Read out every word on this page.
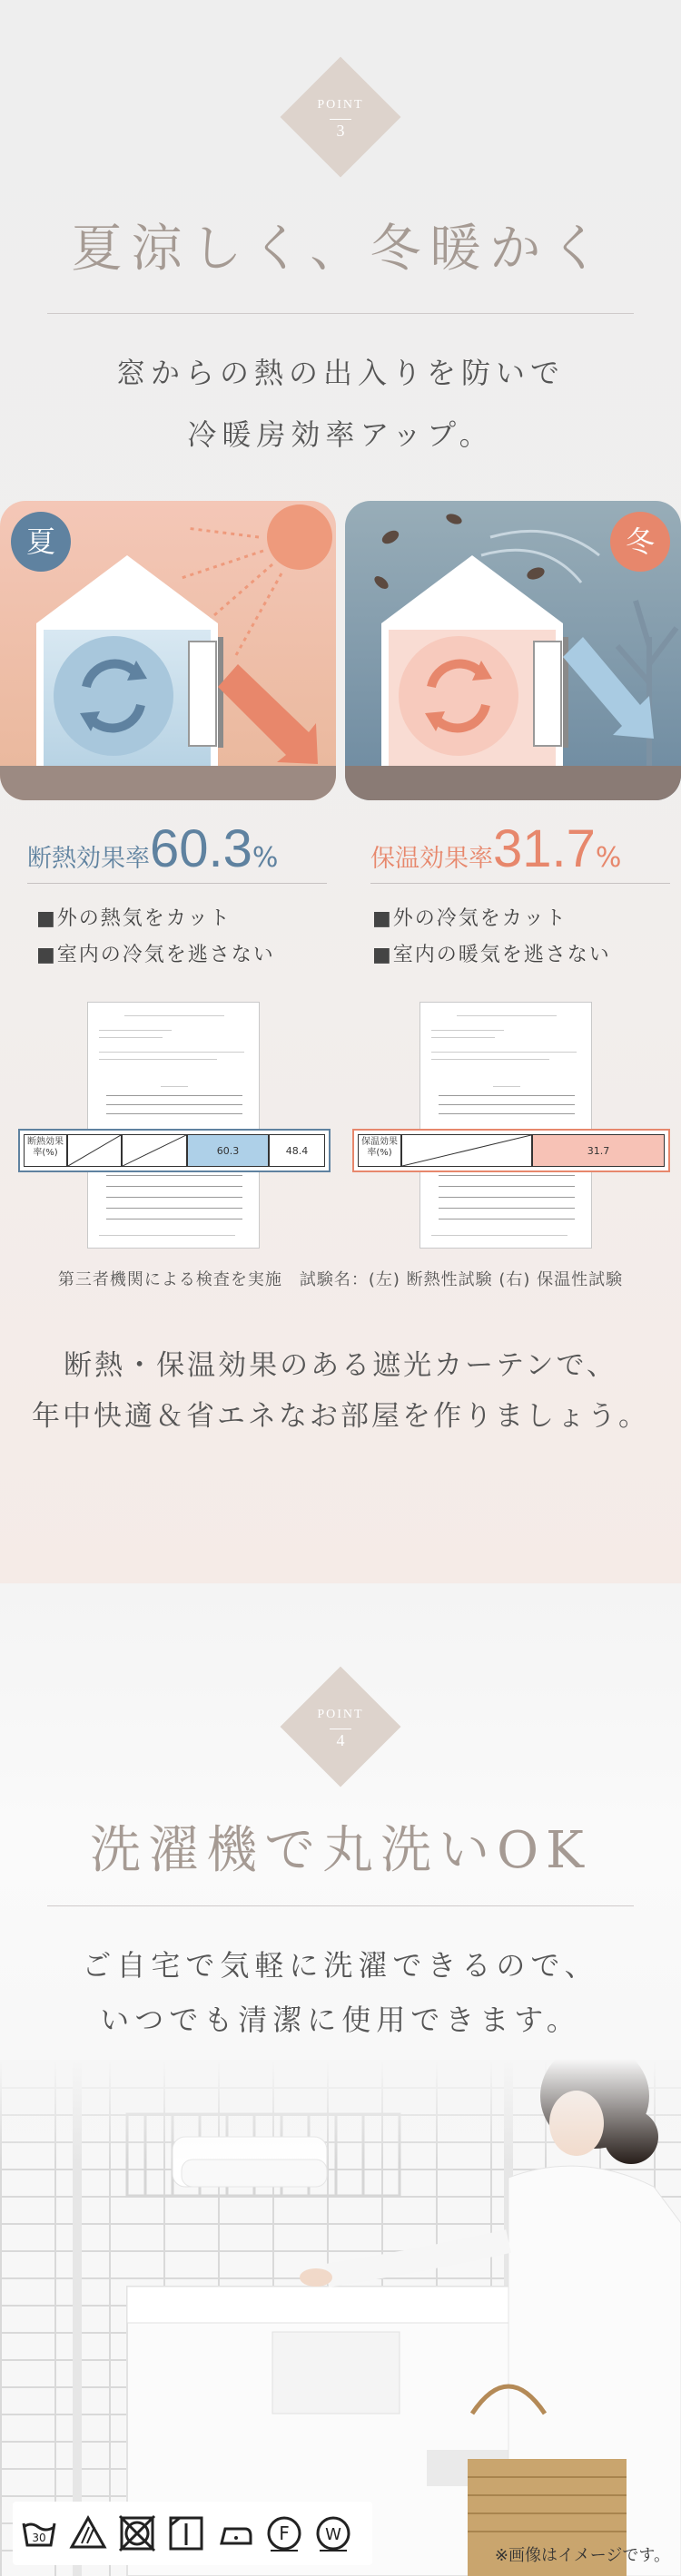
POINT
3
夏涼しく、冬暖かく
窓からの熱の出入りを防いで
冷暖房効率アップ。
夏	冬
断熱効果率60.3%	保温効果率31.7%
■外の熱気をカット
■室内の冷気を逃さない
■外の冷気をカット
■室内の暖気を逃さない
断熱効果率(%)	60.3	48.4
保温効果率(%)	31.7
第三者機関による検査を実施　試験名：(左) 断熱性試験 (右) 保温性試験
断熱・保温効果のある遮光カーテンで、
年中快適＆省エネなお部屋を作りましょう。
POINT
4
洗濯機で丸洗いOK
ご自宅で気軽に洗濯できるので、
いつでも清潔に使用できます。
30	F W
※画像はイメージです。
